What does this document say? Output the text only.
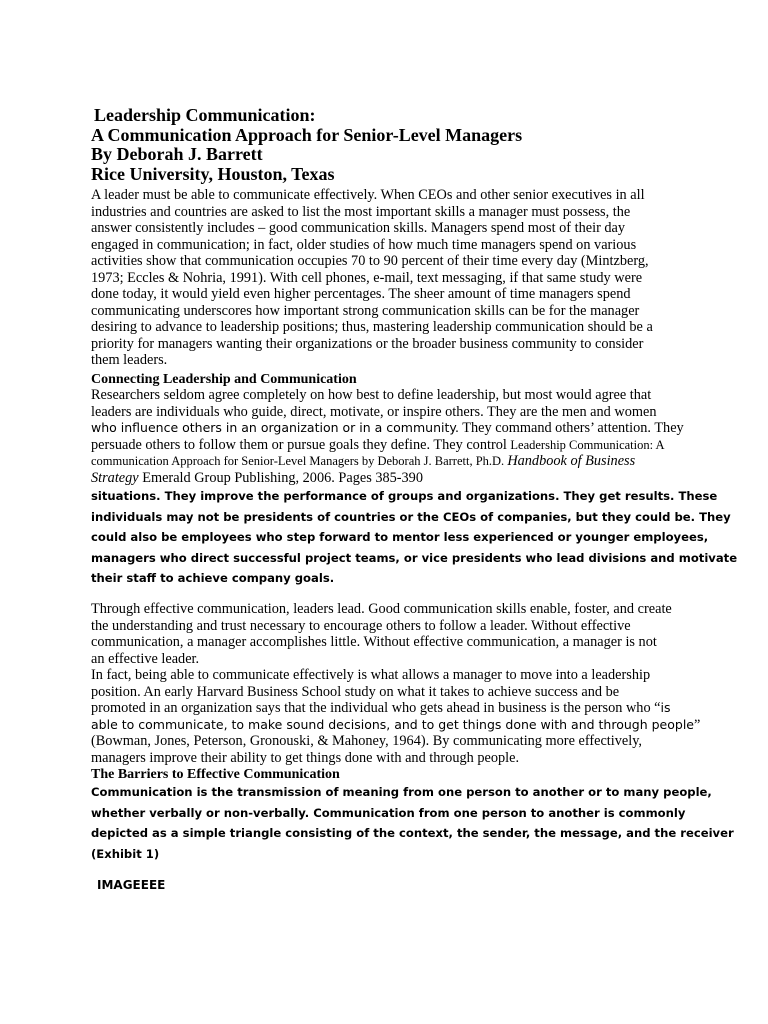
Leadership Communication:
A Communication Approach for Senior-Level Managers
By Deborah J. Barrett
Rice University, Houston, Texas
A leader must be able to communicate effectively. When CEOs and other senior executives in all
industries and countries are asked to list the most important skills a manager must possess, the
answer consistently includes – good communication skills. Managers spend most of their day
engaged in communication; in fact, older studies of how much time managers spend on various
activities show that communication occupies 70 to 90 percent of their time every day (Mintzberg,
1973; Eccles & Nohria, 1991). With cell phones, e-mail, text messaging, if that same study were
done today, it would yield even higher percentages. The sheer amount of time managers spend
communicating underscores how important strong communication skills can be for the manager
desiring to advance to leadership positions; thus, mastering leadership communication should be a
priority for managers wanting their organizations or the broader business community to consider
them leaders.
Connecting Leadership and Communication
Researchers seldom agree completely on how best to define leadership, but most would agree that
leaders are individuals who guide, direct, motivate, or inspire others. They are the men and women
who influence others in an organization or in a community. They command others’ attention. They
persuade others to follow them or pursue goals they define. They control Leadership Communication: A
communication Approach for Senior-Level Managers by Deborah J. Barrett, Ph.D. Handbook of Business
Strategy Emerald Group Publishing, 2006. Pages 385-390
situations. They improve the performance of groups and organizations. They get results. These
individuals may not be presidents of countries or the CEOs of companies, but they could be. They
could also be employees who step forward to mentor less experienced or younger employees,
managers who direct successful project teams, or vice presidents who lead divisions and motivate
their staff to achieve company goals.
Through effective communication, leaders lead. Good communication skills enable, foster, and create
the understanding and trust necessary to encourage others to follow a leader. Without effective
communication, a manager accomplishes little. Without effective communication, a manager is not
an effective leader.
In fact, being able to communicate effectively is what allows a manager to move into a leadership
position. An early Harvard Business School study on what it takes to achieve success and be
promoted in an organization says that the individual who gets ahead in business is the person who “is
able to communicate, to make sound decisions, and to get things done with and through people”
(Bowman, Jones, Peterson, Gronouski, & Mahoney, 1964). By communicating more effectively,
managers improve their ability to get things done with and through people.
The Barriers to Effective Communication
Communication is the transmission of meaning from one person to another or to many people,
whether verbally or non-verbally. Communication from one person to another is commonly
depicted as a simple triangle consisting of the context, the sender, the message, and the receiver
(Exhibit 1)
IMAGEEEE
